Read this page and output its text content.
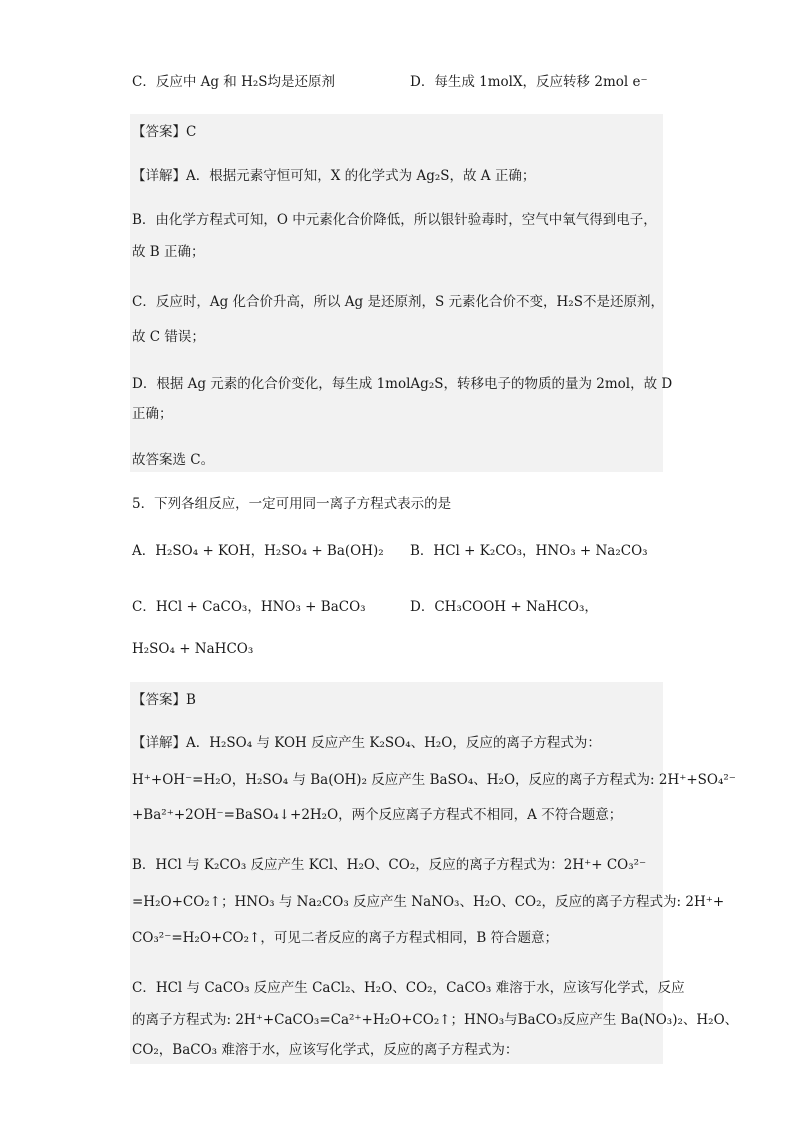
C．反应中 Ag 和 H₂S均是还原剂	D．每生成 1molX，反应转移 2mol e⁻
【答案】C
【详解】A．根据元素守恒可知，X 的化学式为 Ag₂S，故 A 正确；
B．由化学方程式可知，O 中元素化合价降低，所以银针验毒时，空气中氧气得到电子，
故 B 正确；
C．反应时，Ag 化合价升高，所以 Ag 是还原剂，S 元素化合价不变，H₂S不是还原剂，
故 C 错误；
D．根据 Ag 元素的化合价变化，每生成 1molAg₂S，转移电子的物质的量为 2mol，故 D
正确；
故答案选 C。
5．下列各组反应，一定可用同一离子方程式表示的是
A．H₂SO₄ + KOH，H₂SO₄ + Ba(OH)₂ B．HCl + K₂CO₃，HNO₃ + Na₂CO₃
C．HCl + CaCO₃，HNO₃ + BaCO₃	D．CH₃COOH + NaHCO₃，
H₂SO₄ + NaHCO₃
【答案】B
【详解】A．H₂SO₄ 与 KOH 反应产生 K₂SO₄、H₂O，反应的离子方程式为：
H⁺+OH⁻=H₂O，H₂SO₄ 与 Ba(OH)₂ 反应产生 BaSO₄、H₂O，反应的离子方程式为: 2H⁺+SO₄²⁻
+Ba²⁺+2OH⁻=BaSO₄↓+2H₂O，两个反应离子方程式不相同，A 不符合题意；
B．HCl 与 K₂CO₃ 反应产生 KCl、H₂O、CO₂，反应的离子方程式为：2H⁺+ CO₃²⁻
=H₂O+CO₂↑；HNO₃ 与 Na₂CO₃ 反应产生 NaNO₃、H₂O、CO₂，反应的离子方程式为: 2H⁺+
CO₃²⁻=H₂O+CO₂↑，可见二者反应的离子方程式相同，B 符合题意；
C．HCl 与 CaCO₃ 反应产生 CaCl₂、H₂O、CO₂，CaCO₃ 难溶于水，应该写化学式，反应
的离子方程式为: 2H⁺+CaCO₃=Ca²⁺+H₂O+CO₂↑；HNO₃与BaCO₃反应产生 Ba(NO₃)₂、H₂O、
CO₂，BaCO₃ 难溶于水，应该写化学式，反应的离子方程式为：
